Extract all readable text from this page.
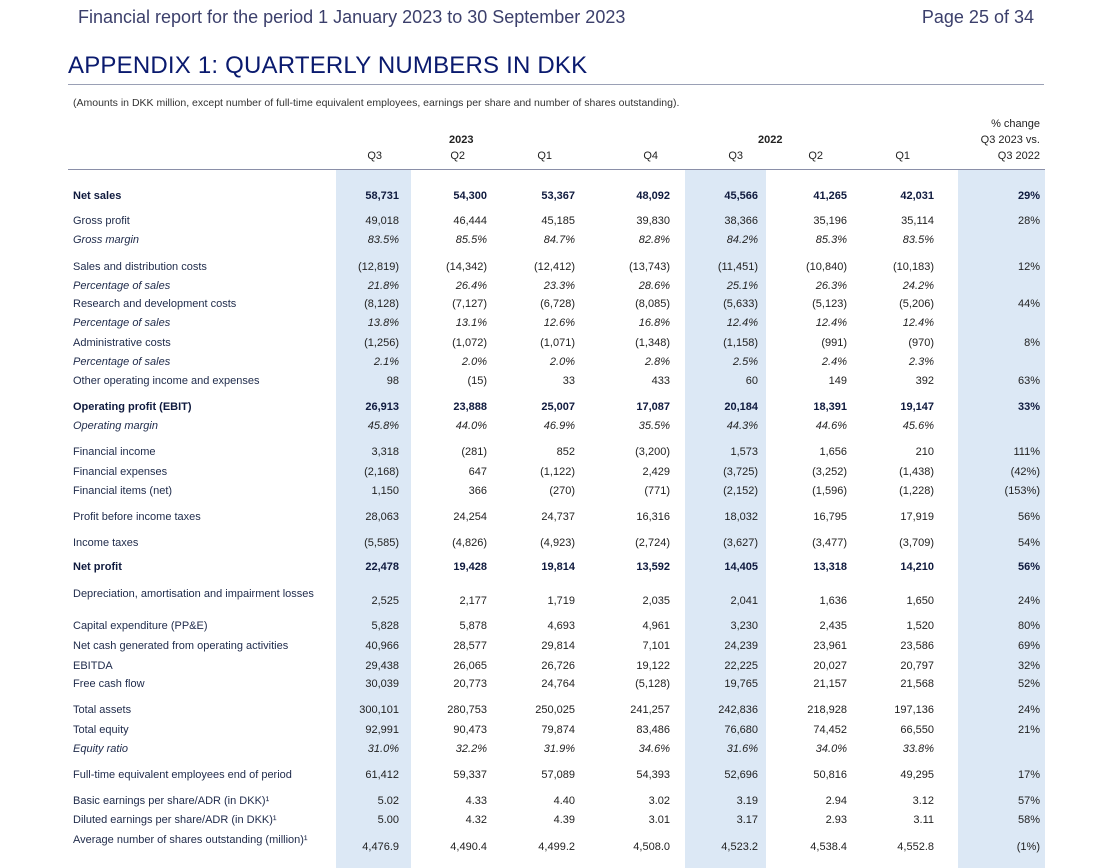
Financial report for the period 1 January 2023 to 30 September 2023	Page 25 of 34
APPENDIX 1: QUARTERLY NUMBERS IN DKK
(Amounts in DKK million, except number of full-time equivalent employees, earnings per share and number of shares outstanding).
2023	2022
% change
Q3 2023 vs.
Q3 2022
Q3	Q2	Q1	Q4	Q3	Q2	Q1
Net sales	58,731	54,300	53,367	48,092	45,566	41,265	42,031	29%
Gross profit	49,018	46,444	45,185	39,830	38,366	35,196	35,114	28%
Gross margin	83.5%	85.5%	84.7%	82.8%	84.2%	85.3%	83.5%
Sales and distribution costs	(12,819)	(14,342)	(12,412)	(13,743)	(11,451)	(10,840)	(10,183)	12%
Percentage of sales	21.8%	26.4%	23.3%	28.6%	25.1%	26.3%	24.2%
Research and development costs	(8,128)	(7,127)	(6,728)	(8,085)	(5,633)	(5,123)	(5,206)	44%
Percentage of sales	13.8%	13.1%	12.6%	16.8%	12.4%	12.4%	12.4%
Administrative costs	(1,256)	(1,072)	(1,071)	(1,348)	(1,158)	(991)	(970)	8%
Percentage of sales	2.1%	2.0%	2.0%	2.8%	2.5%	2.4%	2.3%
Other operating income and expenses	98	(15)	33	433	60	149	392	63%
Operating profit (EBIT)	26,913	23,888	25,007	17,087	20,184	18,391	19,147	33%
Operating margin	45.8%	44.0%	46.9%	35.5%	44.3%	44.6%	45.6%
Financial income	3,318	(281)	852	(3,200)	1,573	1,656	210	111%
Financial expenses	(2,168)	647	(1,122)	2,429	(3,725)	(3,252)	(1,438)	(42%)
Financial items (net)	1,150	366	(270)	(771)	(2,152)	(1,596)	(1,228)	(153%)
Profit before income taxes	28,063	24,254	24,737	16,316	18,032	16,795	17,919	56%
Income taxes	(5,585)	(4,826)	(4,923)	(2,724)	(3,627)	(3,477)	(3,709)	54%
Net profit	22,478	19,428	19,814	13,592	14,405	13,318	14,210	56%
Depreciation, amortisation and impairment losses
2,525	2,177	1,719	2,035	2,041	1,636	1,650	24%
Capital expenditure (PP&E)	5,828	5,878	4,693	4,961	3,230	2,435	1,520	80%
Net cash generated from operating activities	40,966	28,577	29,814	7,101	24,239	23,961	23,586	69%
EBITDA	29,438	26,065	26,726	19,122	22,225	20,027	20,797	32%
Free cash flow	30,039	20,773	24,764	(5,128)	19,765	21,157	21,568	52%
Total assets	300,101	280,753	250,025	241,257	242,836	218,928	197,136	24%
Total equity	92,991	90,473	79,874	83,486	76,680	74,452	66,550	21%
Equity ratio	31.0%	32.2%	31.9%	34.6%	31.6%	34.0%	33.8%
Full-time equivalent employees end of period	61,412	59,337	57,089	54,393	52,696	50,816	49,295	17%
Basic earnings per share/ADR (in DKK)¹	5.02	4.33	4.40	3.02	3.19	2.94	3.12	57%
Diluted earnings per share/ADR (in DKK)¹	5.00	4.32	4.39	3.01	3.17	2.93	3.11	58%
Average number of shares outstanding (million)¹
4,476.9	4,490.4	4,499.2	4,508.0	4,523.2	4,538.4	4,552.8	(1%)
